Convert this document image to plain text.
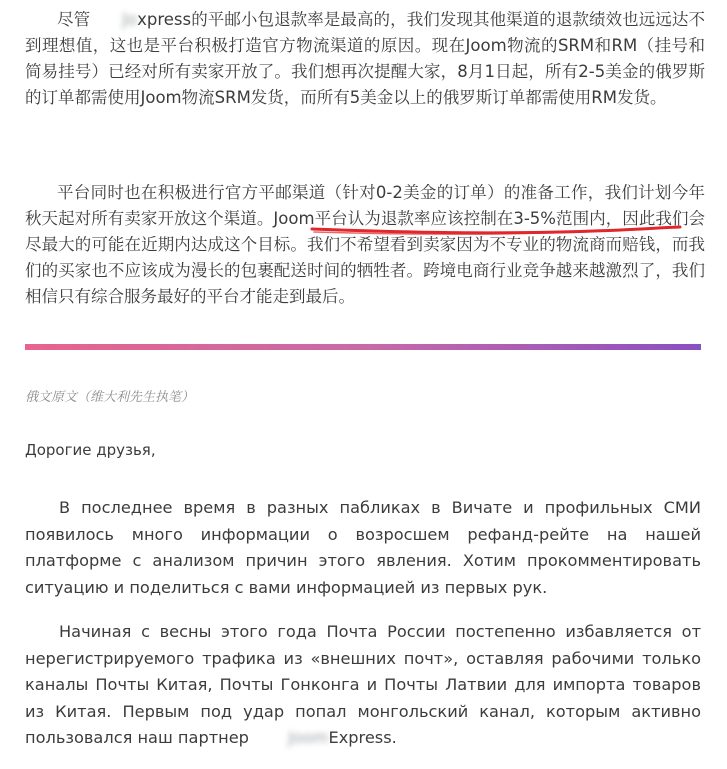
尽管 Joxpress的平邮小包退款率是最高的，我们发现其他渠道的退款绩效也远远达不到理想值，这也是平台积极打造官方物流渠道的原因。现在Joom物流的SRM和RM（挂号和简易挂号）已经对所有卖家开放了。我们想再次提醒大家，8月1日起，所有2-5美金的俄罗斯的订单都需使用Joom物流SRM发货，而所有5美金以上的俄罗斯订单都需使用RM发货。

平台同时也在积极进行官方平邮渠道（针对0-2美金的订单）的准备工作，我们计划今年秋天起对所有卖家开放这个渠道。Joom平台认为退款率应该控制在3-5%范围内，因此我们会尽最大的可能在近期内达成这个目标。我们不希望看到卖家因为不专业的物流商而赔钱，而我们的买家也不应该成为漫长的包裹配送时间的牺牲者。跨境电商行业竞争越来越激烈了，我们相信只有综合服务最好的平台才能走到最后。

俄文原文（维大利先生执笔）

Дорогие друзья,

В последнее время в разных пабликах в Вичате и профильных СМИ появилось много информации о возросшем рефанд-рейте на нашей платформе с анализом причин этого явления. Хотим прокомментировать ситуацию и поделиться с вами информацией из первых рук.

Начиная с весны этого года Почта России постепенно избавляется от нерегистрируемого трафика из «внешних почт», оставляя рабочими только каналы Почты Китая, Почты Гонконга и Почты Латвии для импорта товаров из Китая. Первым под удар попал монгольский канал, которым активно пользовался наш партнер JoomExpress.
